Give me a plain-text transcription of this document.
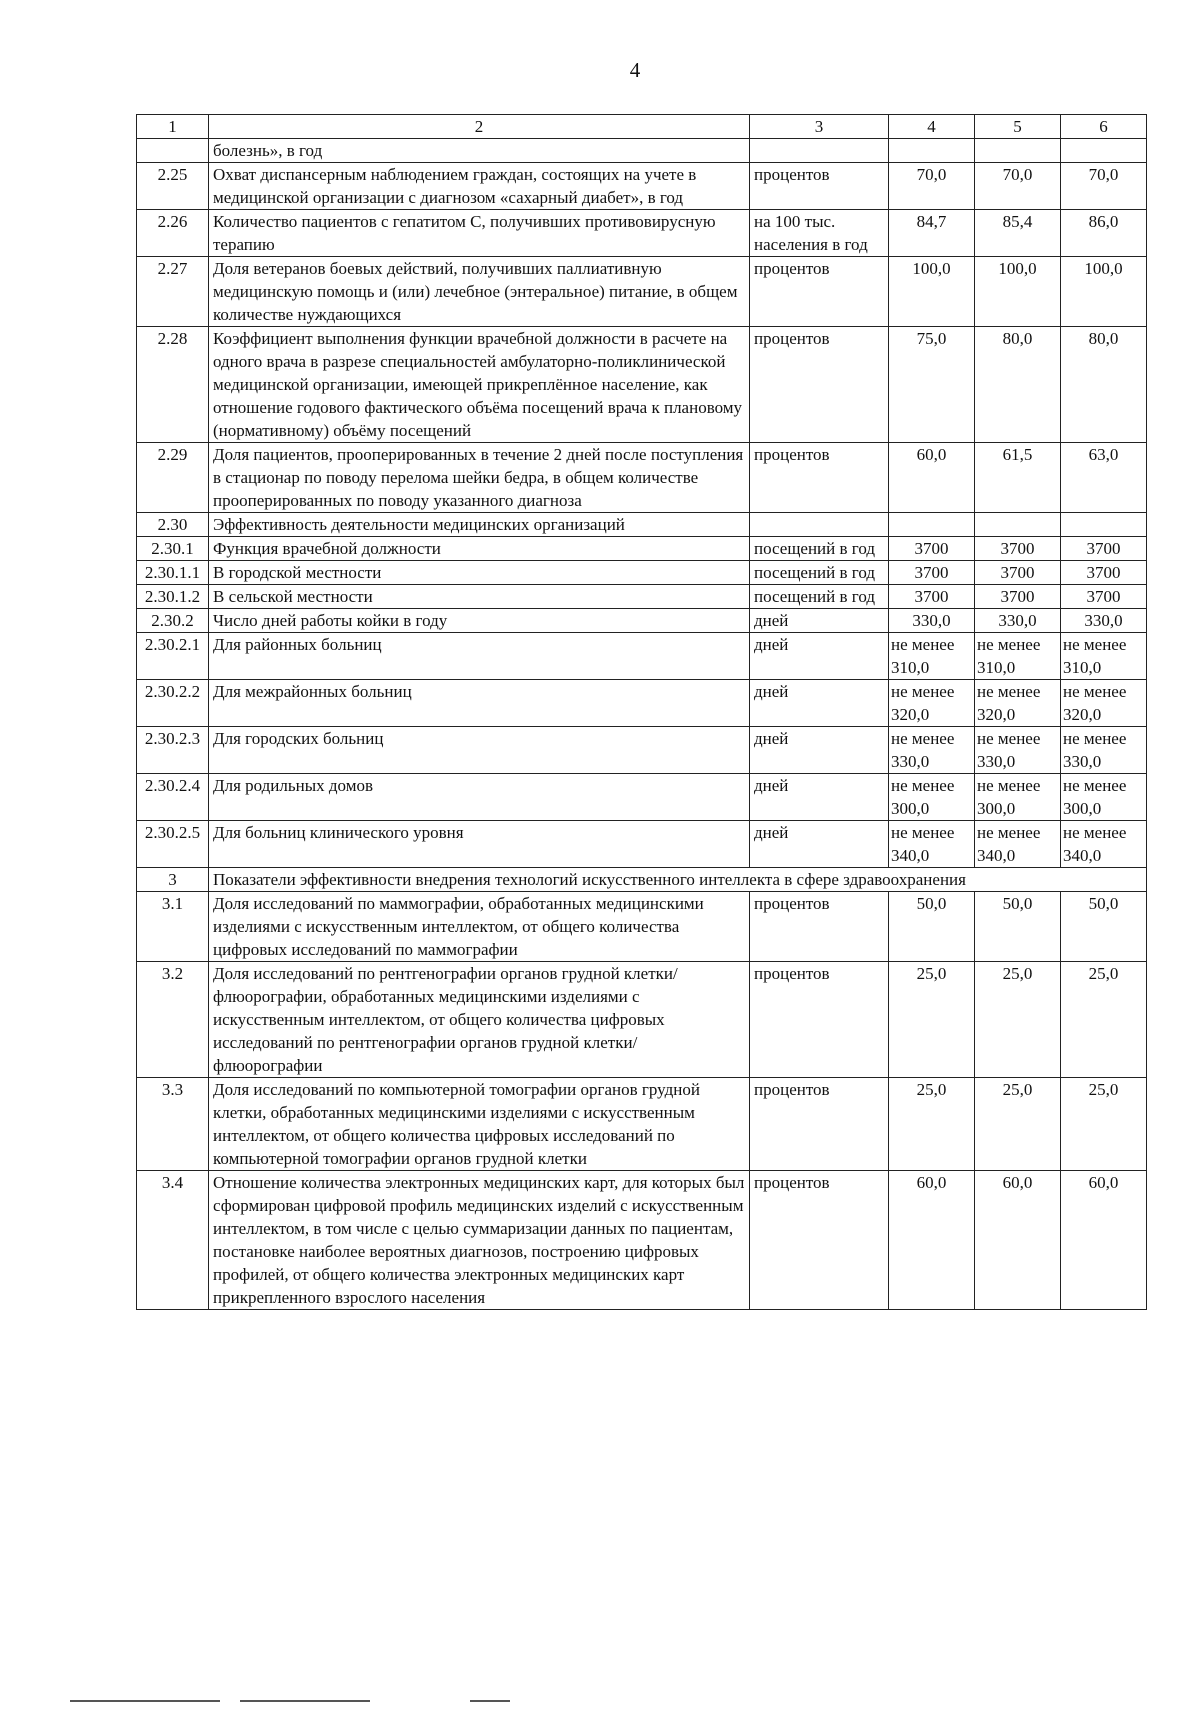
4
1	2	3	4	5	6
	болезнь», в год				
2.25	Охват диспансерным наблюдением граждан, состоящих на учете в медицинской организации с диагнозом «сахарный диабет», в год	процентов	70,0	70,0	70,0
2.26	Количество пациентов с гепатитом С, получивших противовирусную терапию	на 100 тыс. населения в год	84,7	85,4	86,0
2.27	Доля ветеранов боевых действий, получивших паллиативную медицинскую помощь и (или) лечебное (энтеральное) питание, в общем количестве нуждающихся	процентов	100,0	100,0	100,0
2.28	Коэффициент выполнения функции врачебной должности в расчете на одного врача в разрезе специальностей амбулаторно-поликлинической медицинской организации, имеющей прикреплённое население, как отношение годового фактического объёма посещений врача к плановому (нормативному) объёму посещений	процентов	75,0	80,0	80,0
2.29	Доля пациентов, прооперированных в течение 2 дней после поступления в стационар по поводу перелома шейки бедра, в общем количестве прооперированных по поводу указанного диагноза	процентов	60,0	61,5	63,0
2.30	Эффективность деятельности медицинских организаций				
2.30.1	Функция врачебной должности	посещений в год	3700	3700	3700
2.30.1.1	В городской местности	посещений в год	3700	3700	3700
2.30.1.2	В сельской местности	посещений в год	3700	3700	3700
2.30.2	Число дней работы койки в году	дней	330,0	330,0	330,0
2.30.2.1	Для районных больниц	дней	не менее 310,0	не менее 310,0	не менее 310,0
2.30.2.2	Для межрайонных больниц	дней	не менее 320,0	не менее 320,0	не менее 320,0
2.30.2.3	Для городских больниц	дней	не менее 330,0	не менее 330,0	не менее 330,0
2.30.2.4	Для родильных домов	дней	не менее 300,0	не менее 300,0	не менее 300,0
2.30.2.5	Для больниц клинического уровня	дней	не менее 340,0	не менее 340,0	не менее 340,0
3	Показатели эффективности внедрения технологий искусственного интеллекта в сфере здравоохранения				
3.1	Доля исследований по маммографии, обработанных медицинскими изделиями с искусственным интеллектом, от общего количества цифровых исследований по маммографии	процентов	50,0	50,0	50,0
3.2	Доля исследований по рентгенографии органов грудной клетки/флюорографии, обработанных медицинскими изделиями с искусственным интеллектом, от общего количества цифровых исследований по рентгенографии органов грудной клетки/флюорографии	процентов	25,0	25,0	25,0
3.3	Доля исследований по компьютерной томографии органов грудной клетки, обработанных медицинскими изделиями с искусственным интеллектом, от общего количества цифровых исследований по компьютерной томографии органов грудной клетки	процентов	25,0	25,0	25,0
3.4	Отношение количества электронных медицинских карт, для которых был сформирован цифровой профиль медицинских изделий с искусственным интеллектом, в том числе с целью суммаризации данных по пациентам, постановке наиболее вероятных диагнозов, построению цифровых профилей, от общего количества электронных медицинских карт прикрепленного взрослого населения	процентов	60,0	60,0	60,0
